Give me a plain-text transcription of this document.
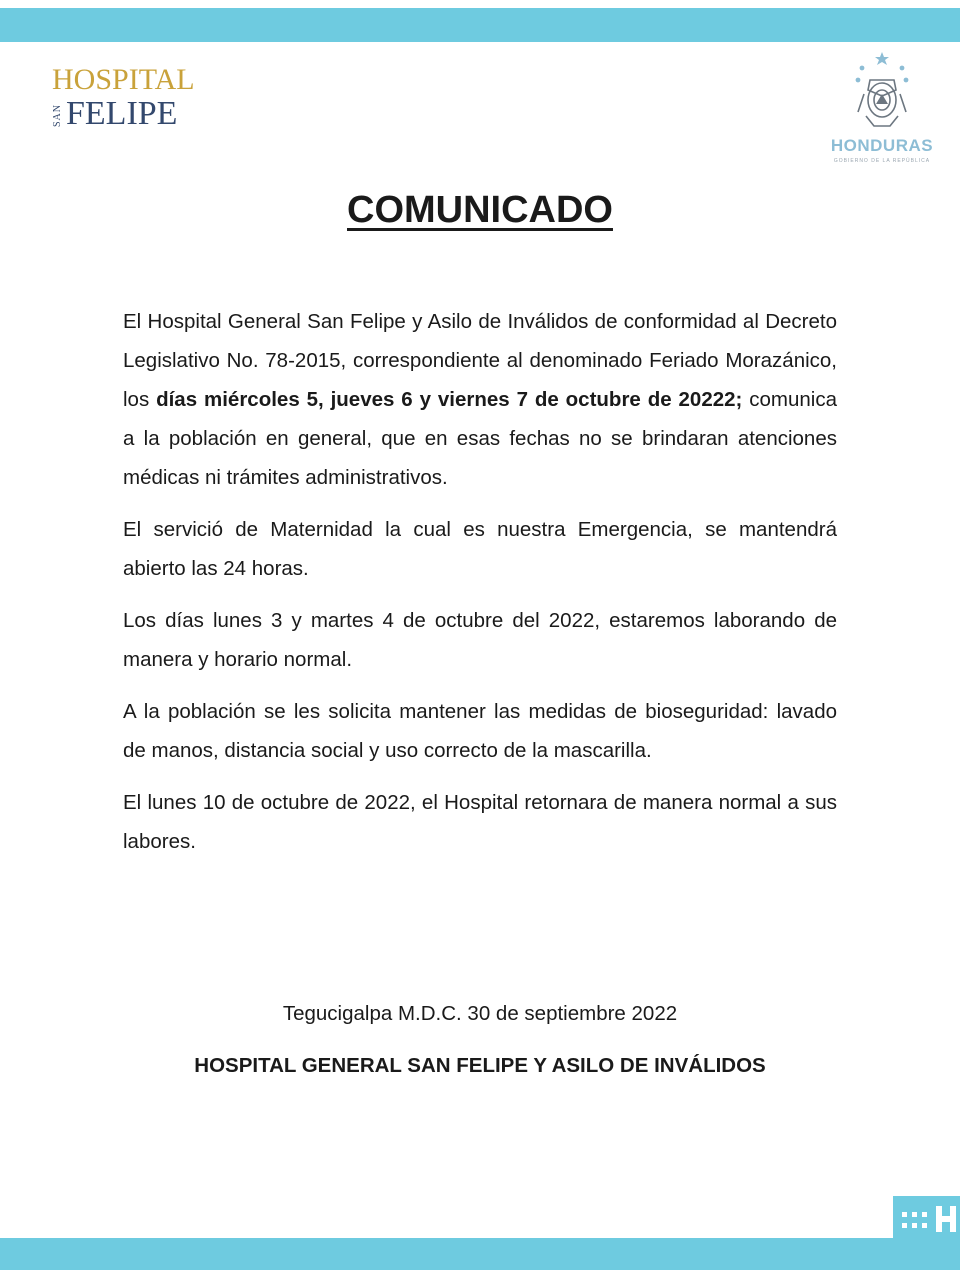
HOSPITAL
SAN FELIPE
HONDURAS
GOBIERNO DE LA REPÚBLICA
COMUNICADO

El Hospital General San Felipe y Asilo de Inválidos de conformidad al Decreto Legislativo No. 78-2015, correspondiente al denominado Feriado Morazánico, los días miércoles 5, jueves 6 y viernes 7 de octubre de 20222; comunica a la población en general, que en esas fechas no se brindaran atenciones médicas ni trámites administrativos.

El servició de Maternidad la cual es nuestra Emergencia, se mantendrá abierto las 24 horas.

Los días lunes 3 y martes 4 de octubre del 2022, estaremos laborando de manera y horario normal.

A la población se les solicita mantener las medidas de bioseguridad: lavado de manos, distancia social y uso correcto de la mascarilla.

El lunes 10 de octubre de 2022, el Hospital retornara de manera normal a sus labores.

Tegucigalpa M.D.C. 30 de septiembre 2022
HOSPITAL GENERAL SAN FELIPE Y ASILO DE INVÁLIDOS
